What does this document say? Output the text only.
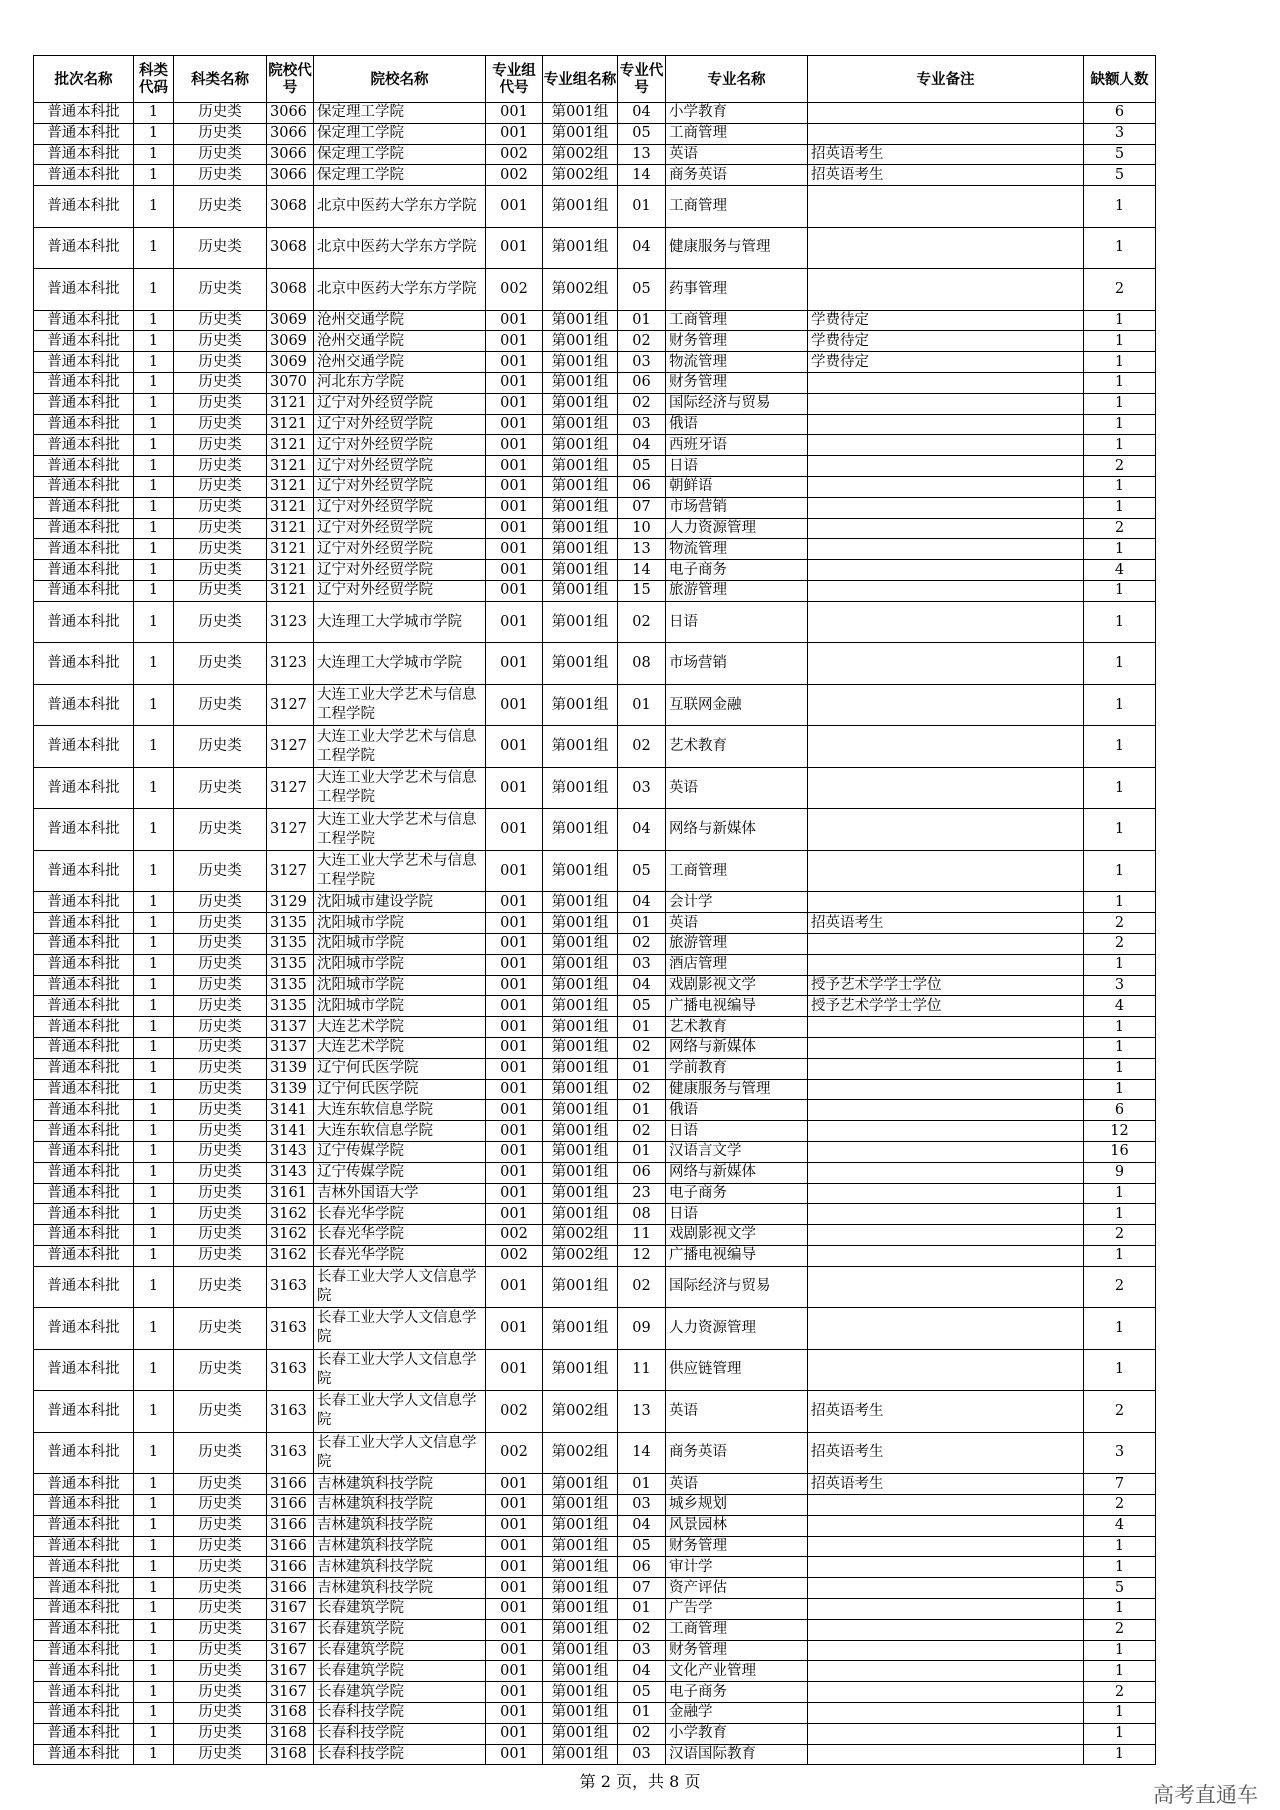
批次名称	科类代码	科类名称	院校代号	院校名称	专业组代号	专业组名称	专业代号	专业名称	专业备注	缺额人数
普通本科批	1	历史类	3066	保定理工学院	001	第001组	04	小学教育		6
普通本科批	1	历史类	3066	保定理工学院	001	第001组	05	工商管理		3
普通本科批	1	历史类	3066	保定理工学院	002	第002组	13	英语	招英语考生	5
普通本科批	1	历史类	3066	保定理工学院	002	第002组	14	商务英语	招英语考生	5
普通本科批	1	历史类	3068	北京中医药大学东方学院	001	第001组	01	工商管理		1
普通本科批	1	历史类	3068	北京中医药大学东方学院	001	第001组	04	健康服务与管理		1
普通本科批	1	历史类	3068	北京中医药大学东方学院	002	第002组	05	药事管理		2
普通本科批	1	历史类	3069	沧州交通学院	001	第001组	01	工商管理	学费待定	1
普通本科批	1	历史类	3069	沧州交通学院	001	第001组	02	财务管理	学费待定	1
普通本科批	1	历史类	3069	沧州交通学院	001	第001组	03	物流管理	学费待定	1
普通本科批	1	历史类	3070	河北东方学院	001	第001组	06	财务管理		1
普通本科批	1	历史类	3121	辽宁对外经贸学院	001	第001组	02	国际经济与贸易		1
普通本科批	1	历史类	3121	辽宁对外经贸学院	001	第001组	03	俄语		1
普通本科批	1	历史类	3121	辽宁对外经贸学院	001	第001组	04	西班牙语		1
普通本科批	1	历史类	3121	辽宁对外经贸学院	001	第001组	05	日语		2
普通本科批	1	历史类	3121	辽宁对外经贸学院	001	第001组	06	朝鲜语		1
普通本科批	1	历史类	3121	辽宁对外经贸学院	001	第001组	07	市场营销		1
普通本科批	1	历史类	3121	辽宁对外经贸学院	001	第001组	10	人力资源管理		2
普通本科批	1	历史类	3121	辽宁对外经贸学院	001	第001组	13	物流管理		1
普通本科批	1	历史类	3121	辽宁对外经贸学院	001	第001组	14	电子商务		4
普通本科批	1	历史类	3121	辽宁对外经贸学院	001	第001组	15	旅游管理		1
普通本科批	1	历史类	3123	大连理工大学城市学院	001	第001组	02	日语		1
普通本科批	1	历史类	3123	大连理工大学城市学院	001	第001组	08	市场营销		1
普通本科批	1	历史类	3127	大连工业大学艺术与信息工程学院	001	第001组	01	互联网金融		1
普通本科批	1	历史类	3127	大连工业大学艺术与信息工程学院	001	第001组	02	艺术教育		1
普通本科批	1	历史类	3127	大连工业大学艺术与信息工程学院	001	第001组	03	英语		1
普通本科批	1	历史类	3127	大连工业大学艺术与信息工程学院	001	第001组	04	网络与新媒体		1
普通本科批	1	历史类	3127	大连工业大学艺术与信息工程学院	001	第001组	05	工商管理		1
普通本科批	1	历史类	3129	沈阳城市建设学院	001	第001组	04	会计学		1
普通本科批	1	历史类	3135	沈阳城市学院	001	第001组	01	英语	招英语考生	2
普通本科批	1	历史类	3135	沈阳城市学院	001	第001组	02	旅游管理		2
普通本科批	1	历史类	3135	沈阳城市学院	001	第001组	03	酒店管理		1
普通本科批	1	历史类	3135	沈阳城市学院	001	第001组	04	戏剧影视文学	授予艺术学学士学位	3
普通本科批	1	历史类	3135	沈阳城市学院	001	第001组	05	广播电视编导	授予艺术学学士学位	4
普通本科批	1	历史类	3137	大连艺术学院	001	第001组	01	艺术教育		1
普通本科批	1	历史类	3137	大连艺术学院	001	第001组	02	网络与新媒体		1
普通本科批	1	历史类	3139	辽宁何氏医学院	001	第001组	01	学前教育		1
普通本科批	1	历史类	3139	辽宁何氏医学院	001	第001组	02	健康服务与管理		1
普通本科批	1	历史类	3141	大连东软信息学院	001	第001组	01	俄语		6
普通本科批	1	历史类	3141	大连东软信息学院	001	第001组	02	日语		12
普通本科批	1	历史类	3143	辽宁传媒学院	001	第001组	01	汉语言文学		16
普通本科批	1	历史类	3143	辽宁传媒学院	001	第001组	06	网络与新媒体		9
普通本科批	1	历史类	3161	吉林外国语大学	001	第001组	23	电子商务		1
普通本科批	1	历史类	3162	长春光华学院	001	第001组	08	日语		1
普通本科批	1	历史类	3162	长春光华学院	002	第002组	11	戏剧影视文学		2
普通本科批	1	历史类	3162	长春光华学院	002	第002组	12	广播电视编导		1
普通本科批	1	历史类	3163	长春工业大学人文信息学院	001	第001组	02	国际经济与贸易		2
普通本科批	1	历史类	3163	长春工业大学人文信息学院	001	第001组	09	人力资源管理		1
普通本科批	1	历史类	3163	长春工业大学人文信息学院	001	第001组	11	供应链管理		1
普通本科批	1	历史类	3163	长春工业大学人文信息学院	002	第002组	13	英语	招英语考生	2
普通本科批	1	历史类	3163	长春工业大学人文信息学院	002	第002组	14	商务英语	招英语考生	3
普通本科批	1	历史类	3166	吉林建筑科技学院	001	第001组	01	英语	招英语考生	7
普通本科批	1	历史类	3166	吉林建筑科技学院	001	第001组	03	城乡规划		2
普通本科批	1	历史类	3166	吉林建筑科技学院	001	第001组	04	风景园林		4
普通本科批	1	历史类	3166	吉林建筑科技学院	001	第001组	05	财务管理		1
普通本科批	1	历史类	3166	吉林建筑科技学院	001	第001组	06	审计学		1
普通本科批	1	历史类	3166	吉林建筑科技学院	001	第001组	07	资产评估		5
普通本科批	1	历史类	3167	长春建筑学院	001	第001组	01	广告学		1
普通本科批	1	历史类	3167	长春建筑学院	001	第001组	02	工商管理		2
普通本科批	1	历史类	3167	长春建筑学院	001	第001组	03	财务管理		1
普通本科批	1	历史类	3167	长春建筑学院	001	第001组	04	文化产业管理		1
普通本科批	1	历史类	3167	长春建筑学院	001	第001组	05	电子商务		2
普通本科批	1	历史类	3168	长春科技学院	001	第001组	01	金融学		1
普通本科批	1	历史类	3168	长春科技学院	001	第001组	02	小学教育		1
普通本科批	1	历史类	3168	长春科技学院	001	第001组	03	汉语国际教育		1
第 2 页，共 8 页
高考直通车
